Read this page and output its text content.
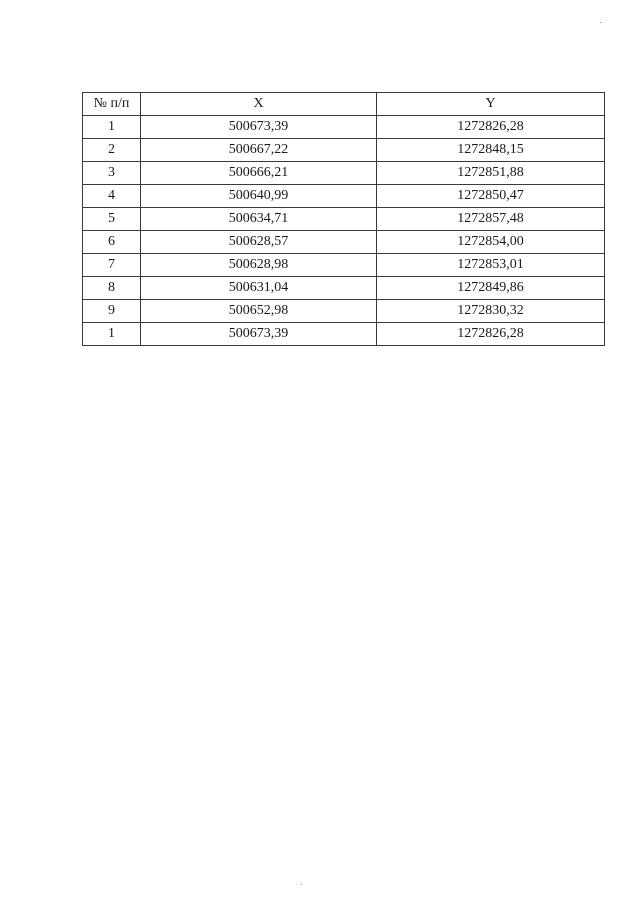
№ п/п	X	Y
1	500673,39	1272826,28
2	500667,22	1272848,15
3	500666,21	1272851,88
4	500640,99	1272850,47
5	500634,71	1272857,48
6	500628,57	1272854,00
7	500628,98	1272853,01
8	500631,04	1272849,86
9	500652,98	1272830,32
1	500673,39	1272826,28
